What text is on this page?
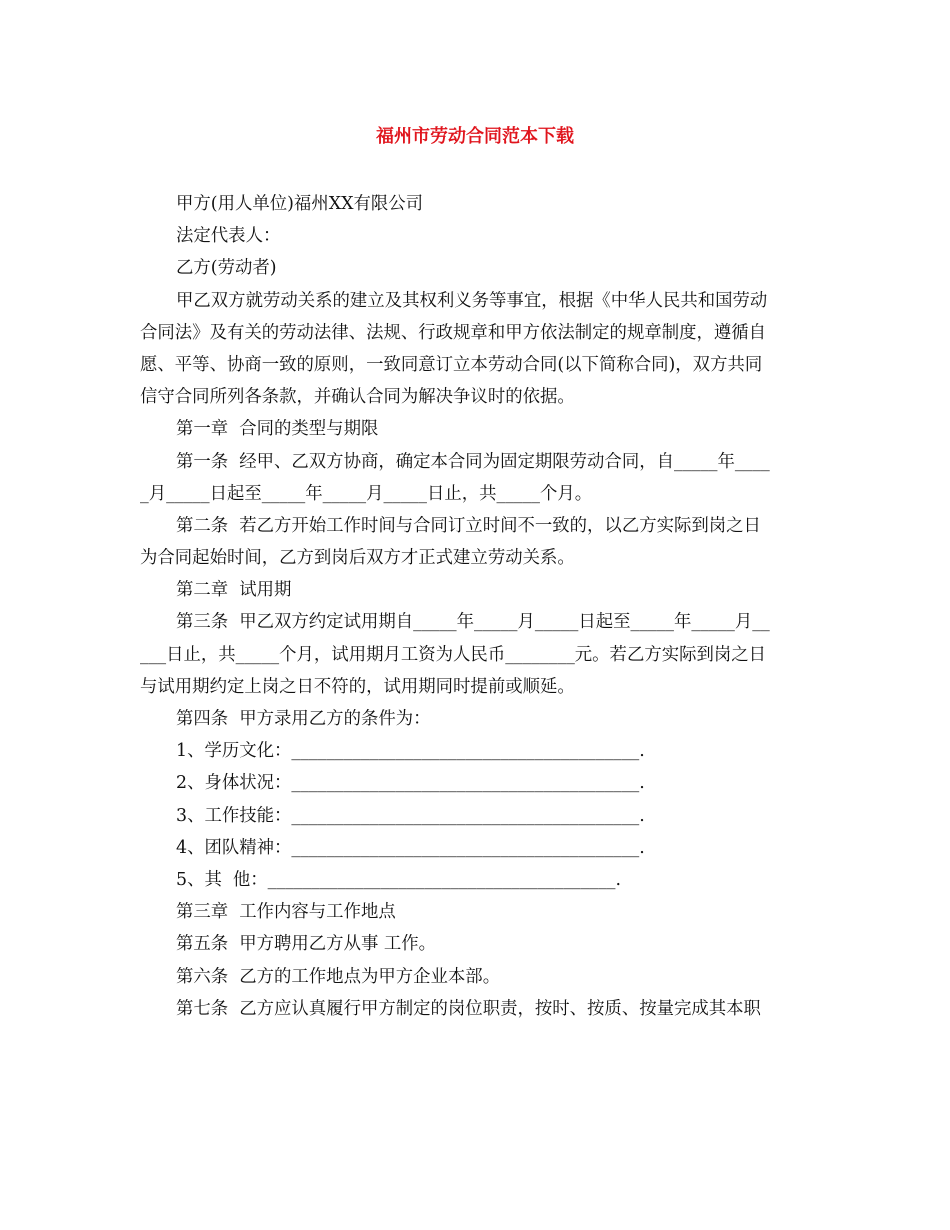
福州市劳动合同范本下载
甲方(用人单位)福州XX有限公司
法定代表人：
乙方(劳动者)
甲乙双方就劳动关系的建立及其权利义务等事宜，根据《中华人民共和国劳动
合同法》及有关的劳动法律、法规、行政规章和甲方依法制定的规章制度，遵循自
愿、平等、协商一致的原则，一致同意订立本劳动合同(以下简称合同)，双方共同
信守合同所列各条款，并确认合同为解决争议时的依据。
第一章  合同的类型与期限
第一条  经甲、乙双方协商，确定本合同为固定期限劳动合同，自_____年____
_月_____日起至_____年_____月_____日止，共_____个月。
第二条  若乙方开始工作时间与合同订立时间不一致的，以乙方实际到岗之日
为合同起始时间，乙方到岗后双方才正式建立劳动关系。
第二章  试用期
第三条  甲乙双方约定试用期自_____年_____月_____日起至_____年_____月__
___日止，共_____个月，试用期月工资为人民币________元。若乙方实际到岗之日
与试用期约定上岗之日不符的，试用期同时提前或顺延。
第四条  甲方录用乙方的条件为：
1、学历文化：________________________________________.
2、身体状况：________________________________________.
3、工作技能：________________________________________.
4、团队精神：________________________________________.
5、其  他：________________________________________.
第三章  工作内容与工作地点
第五条  甲方聘用乙方从事 工作。
第六条  乙方的工作地点为甲方企业本部。
第七条  乙方应认真履行甲方制定的岗位职责，按时、按质、按量完成其本职
